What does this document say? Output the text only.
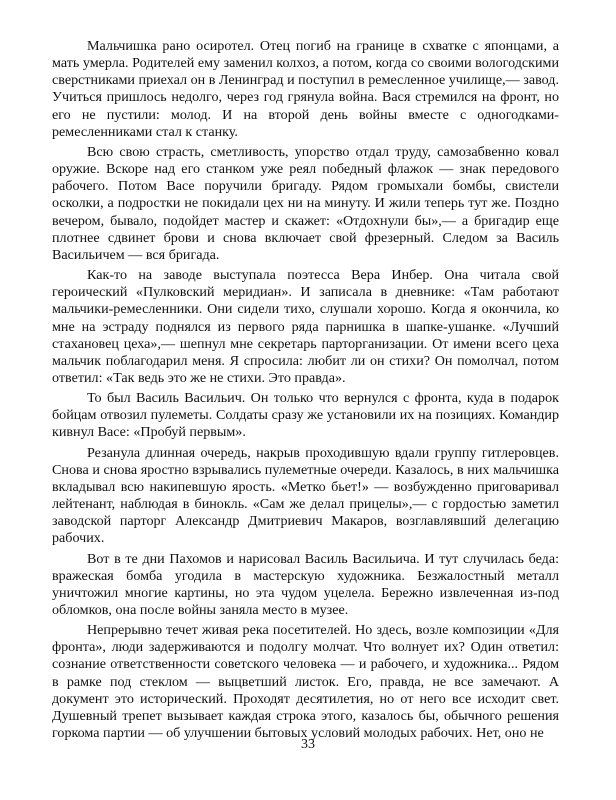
Мальчишка рано осиротел. Отец погиб на границе в схватке с японцами, а мать умерла. Родителей ему заменил колхоз, а потом, когда со своими вологодскими сверстниками приехал он в Ленинград и поступил в ремесленное училище,— завод. Учиться пришлось недолго, через год грянула война. Вася стремился на фронт, но его не пустили: молод. И на второй день войны вместе с одногодками-ремесленниками стал к станку.

Всю свою страсть, сметливость, упорство отдал труду, самозабвенно ковал оружие. Вскоре над его станком уже реял победный флажок — знак передового рабочего. Потом Васе поручили бригаду. Рядом громыхали бомбы, свистели осколки, а подростки не покидали цех ни на минуту. И жили теперь тут же. Поздно вечером, бывало, подойдет мастер и скажет: «Отдохнули бы»,— а бригадир еще плотнее сдвинет брови и снова включает свой фрезерный. Следом за Василь Васильичем — вся бригада.

Как-то на заводе выступала поэтесса Вера Инбер. Она читала свой героический «Пулковский меридиан». И записала в дневнике: «Там работают мальчики-ремесленники. Они сидели тихо, слушали хорошо. Когда я окончила, ко мне на эстраду поднялся из первого ряда парнишка в шапке-ушанке. «Лучший стахановец цеха»,— шепнул мне секретарь парторганизации. От имени всего цеха мальчик поблагодарил меня. Я спросила: любит ли он стихи? Он помолчал, потом ответил: «Так ведь это же не стихи. Это правда».

То был Василь Васильич. Он только что вернулся с фронта, куда в подарок бойцам отвозил пулеметы. Солдаты сразу же установили их на позициях. Командир кивнул Васе: «Пробуй первым».

Резанула длинная очередь, накрыв проходившую вдали группу гитлеровцев. Снова и снова яростно взрывались пулеметные очереди. Казалось, в них мальчишка вкладывал всю накипевшую ярость. «Метко бьет!» — возбужденно приговаривал лейтенант, наблюдая в бинокль. «Сам же делал прицелы»,— с гордостью заметил заводской парторг Александр Дмитриевич Макаров, возглавлявший делегацию рабочих.

Вот в те дни Пахомов и нарисовал Василь Васильича. И тут случилась беда: вражеская бомба угодила в мастерскую художника. Безжалостный металл уничтожил многие картины, но эта чудом уцелела. Бережно извлеченная из-под обломков, она после войны заняла место в музее.

Непрерывно течет живая река посетителей. Но здесь, возле композиции «Для фронта», люди задерживаются и подолгу молчат. Что волнует их? Один ответил: сознание ответственности советского человека — и рабочего, и художника... Рядом в рамке под стеклом — выцветший листок. Его, правда, не все замечают. А документ это исторический. Проходят десятилетия, но от него все исходит свет. Душевный трепет вызывает каждая строка этого, казалось бы, обычного решения горкома партии — об улучшении бытовых условий молодых рабочих. Нет, оно не

33
